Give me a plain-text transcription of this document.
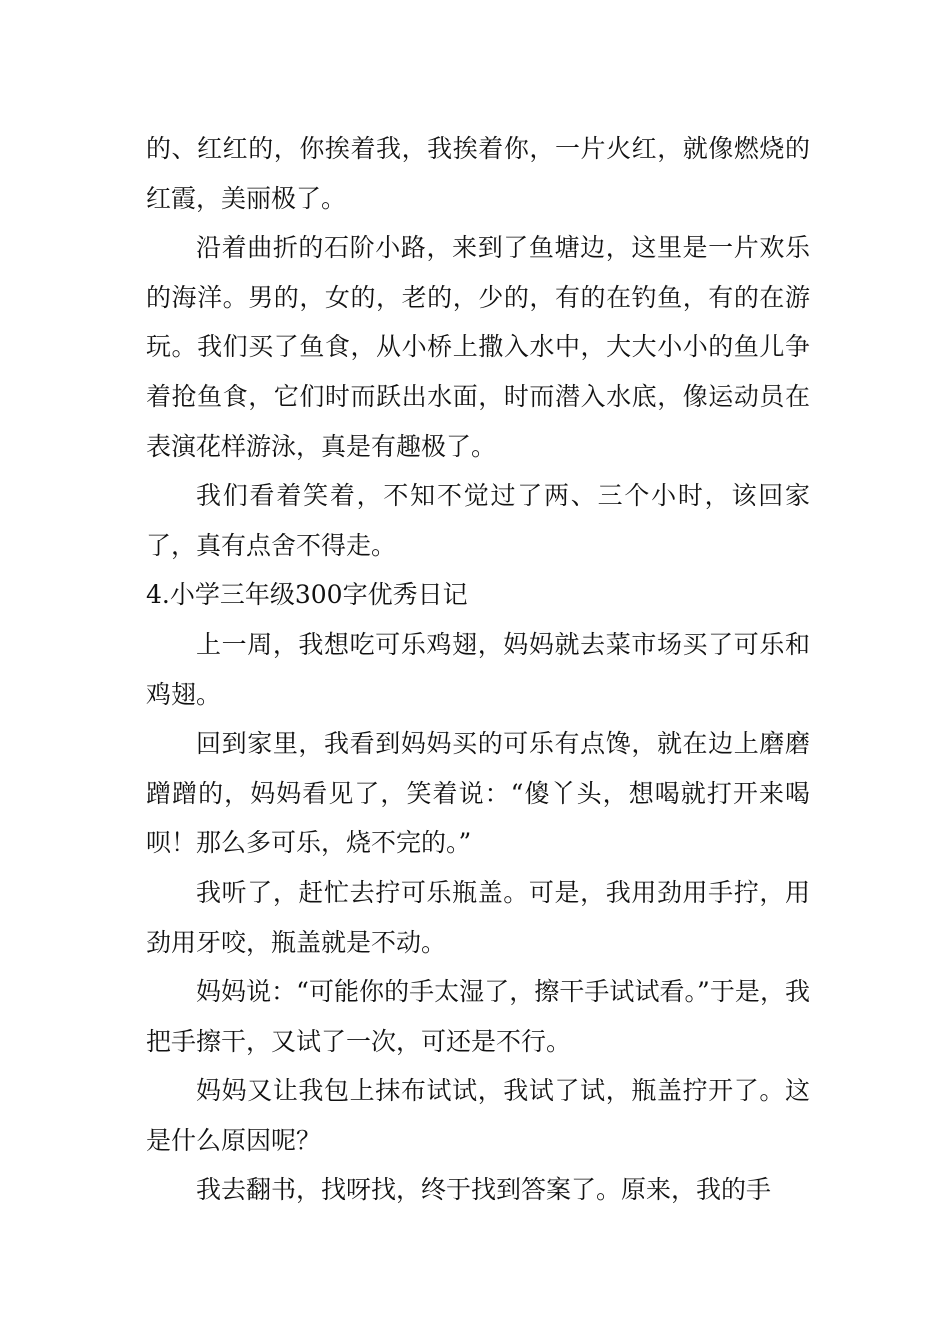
的、红红的，你挨着我，我挨着你，一片火红，就像燃烧的红霞，美丽极了。

沿着曲折的石阶小路，来到了鱼塘边，这里是一片欢乐的海洋。男的，女的，老的，少的，有的在钓鱼，有的在游玩。我们买了鱼食，从小桥上撒入水中，大大小小的鱼儿争着抢鱼食，它们时而跃出水面，时而潜入水底，像运动员在表演花样游泳，真是有趣极了。

我们看着笑着，不知不觉过了两、三个小时，该回家了，真有点舍不得走。

4.小学三年级300字优秀日记

上一周，我想吃可乐鸡翅，妈妈就去菜市场买了可乐和鸡翅。

回到家里，我看到妈妈买的可乐有点馋，就在边上磨磨蹭蹭的，妈妈看见了，笑着说：“傻丫头，想喝就打开来喝呗！那么多可乐，烧不完的。”

我听了，赶忙去拧可乐瓶盖。可是，我用劲用手拧，用劲用牙咬，瓶盖就是不动。

妈妈说：“可能你的手太湿了，擦干手试试看。”于是，我把手擦干，又试了一次，可还是不行。

妈妈又让我包上抹布试试，我试了试，瓶盖拧开了。这是什么原因呢？

我去翻书，找呀找，终于找到答案了。原来，我的手
